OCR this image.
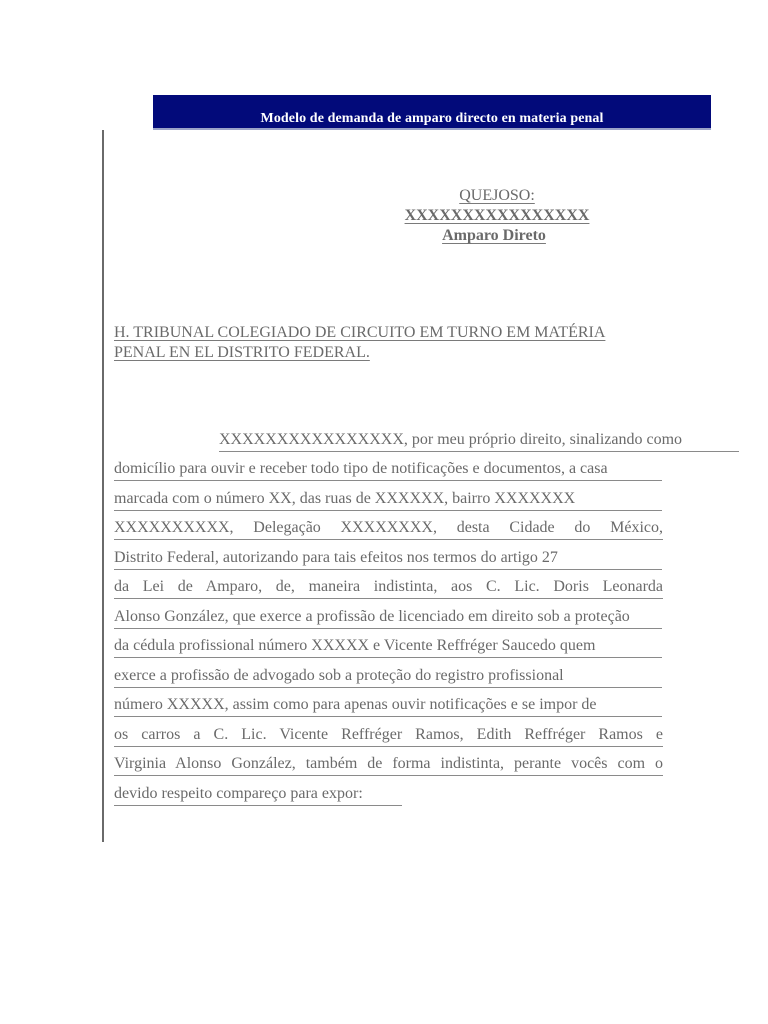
Modelo de demanda de amparo directo en materia penal
QUEJOSO:
XXXXXXXXXXXXXXXX
Amparo Direto
H. TRIBUNAL COLEGIADO DE CIRCUITO EM TURNO EM MATÉRIA
PENAL EN EL DISTRITO FEDERAL.
XXXXXXXXXXXXXXXX, por meu próprio direito, sinalizando como
domicílio para ouvir e receber todo tipo de notificações e documentos, a casa
marcada com o número XX, das ruas de XXXXXX, bairro XXXXXXX
XXXXXXXXXX, Delegação XXXXXXXX, desta Cidade do México,
Distrito Federal, autorizando para tais efeitos nos termos do artigo 27
da Lei de Amparo, de, maneira indistinta, aos C. Lic. Doris Leonarda
Alonso González, que exerce a profissão de licenciado em direito sob a proteção
da cédula profissional número XXXXX e Vicente Reffréger Saucedo quem
exerce a profissão de advogado sob a proteção do registro profissional
número XXXXX, assim como para apenas ouvir notificações e se impor de
os carros a C. Lic. Vicente Reffréger Ramos, Edith Reffréger Ramos e
Virginia Alonso González, também de forma indistinta, perante vocês com o
devido respeito compareço para expor:
